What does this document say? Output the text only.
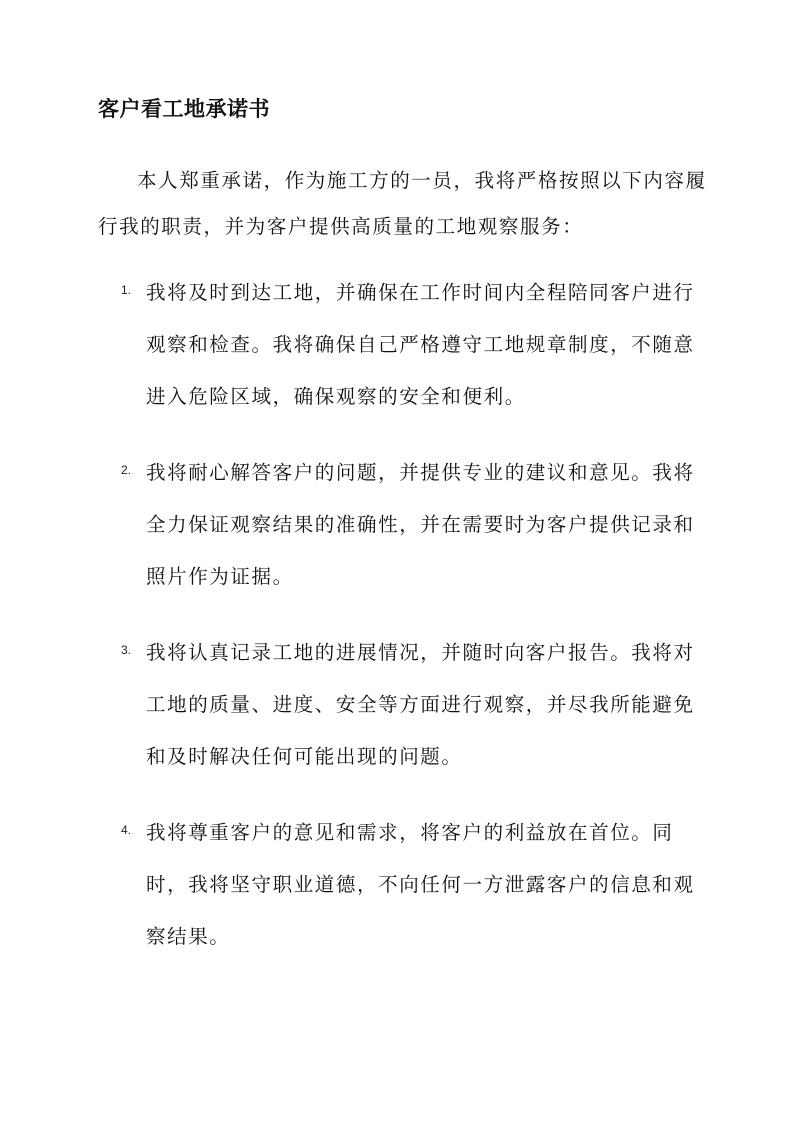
客户看工地承诺书

本人郑重承诺，作为施工方的一员，我将严格按照以下内容履行我的职责，并为客户提供高质量的工地观察服务：

1. 我将及时到达工地，并确保在工作时间内全程陪同客户进行观察和检查。我将确保自己严格遵守工地规章制度，不随意进入危险区域，确保观察的安全和便利。

2. 我将耐心解答客户的问题，并提供专业的建议和意见。我将全力保证观察结果的准确性，并在需要时为客户提供记录和照片作为证据。

3. 我将认真记录工地的进展情况，并随时向客户报告。我将对工地的质量、进度、安全等方面进行观察，并尽我所能避免和及时解决任何可能出现的问题。

4. 我将尊重客户的意见和需求，将客户的利益放在首位。同时，我将坚守职业道德，不向任何一方泄露客户的信息和观察结果。
